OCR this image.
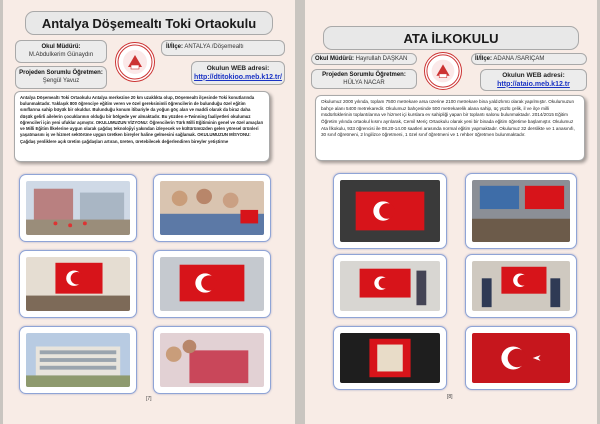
Antalya Döşemealtı Toki Ortaokulu
Okul Müdürü:
M.Abdulkerim Günaydın
Projeden Sorumlu Öğretmen:
Şengül Yavuz
İl/İlçe: ANTALYA /Döşemealtı
Okulun WEB adresi:
http://dtitokioo.meb.k12.tr/
Antalya Döşemealtı Toki Ortaokulu Antalya merkezine 20 km uzaklıkta olup, Döşemealtı ilçesinde Toki konutlarında bulunmaktadır. Yaklaşık 800 öğrenciye eğitim veren ve özel gereksinimli öğrencilerin de bulunduğu özel eğitim sınıflarına sahip büyük bir okuldur. Bulunduğu konum itibariyle da yoğun göç alan ve maddi olarak da biraz daha düşük gelirli ailelerin çocuklarının olduğu bir bölgede yer almaktadır. Bu yüzden e-Twinning faaliyetleri okulumuz öğrencileri için yeni ufuklar açmıştır. OKULUMUZUN VİZYONU: Öğrencilerin Türk Milli Eğitiminin genel ve özel amaçları ve Milli Eğitim İlkelerine uygun olarak çağdaş teknolojiyi yakından izleyecek ve kültürümüzden gelen yöresel ürünleri yaşatmasını iş ve hizmet sektörüne uygun üretken bireyler haline gelmesini sağlamak. OKULUMUZUN MİSYONU: Çağdaş yenliklere açık üretim çağdaşları artıran, üreten, üretebilecek değerlendiren bireyler yetiştirme
[7]
ATA İLKOKULU
Okul Müdürü: Hayrullah DAŞKAN
Projeden Sorumlu Öğretmen:
HÜLYA NACAR
İl/İlçe: ADANA /SARIÇAM
Okulun WEB adresi:
http://ataio.meb.k12.tr
Okulumuz 2000 yılında, toplam 7500 metrekare arsa üzerine 2100 metrekare bina yaldızlımü olarak yapılmıştır. Okulumuzun bahçe alanı 5400 metrekaredir. Okulumuz bahçesinde 500 metrekarelik alana sahip, üç yüzlü çelik, il ve ilçe milli müdürlüklerinin toplantılarına ve hizmet içi kurslara ev sahipliği yapan bir toplantı salonu bulunmaktadır. 2014/2015 Eğitim Öğretim yılında ortaokul kısmı ayrılarak, Cemil Meriç Ortaokulu olarak yeni bir binada eğitim öğretime başlamıştır. Okulumuz Ata İlkokulu, 933 öğrencisi ile 08.20-14.00 saatleri arasında normal eğitim yapmaktadır. Okulumuz 32 derslikte ve 1 anasınıfı, 30 sınıf öğretmeni, 2 İngilizce öğretmeni, 1 özel sınıf öğretmeni ve 1 rehber öğretmen bulunmaktadır.
[8]
